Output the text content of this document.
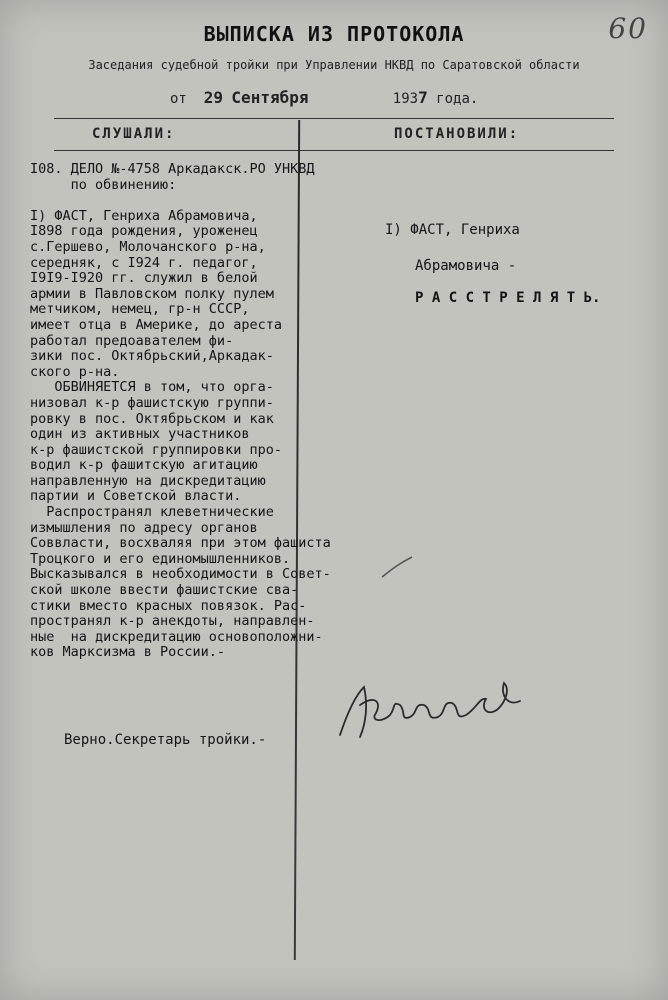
60
ВЫПИСКА ИЗ ПРОТОКОЛА
Заседания судебной тройки при Управлении НКВД по Саратовской области
от 29 Сентября	1937 года.
СЛУШАЛИ:	ПОСТАНОВИЛИ:
I08. ДЕЛО №-4758 Аркадакск.РО УНКВД
по обвинению:

I) ФАСТ, Генриха Абрамовича,
I898 года рождения, уроженец
с.Гершево, Молочанского р-на,
середняк, с I924 г. педагог,
I9I9-I920 гг. служил в белой
армии в Павловском полку пулем
метчиком, немец, гр-н СССР,
имеет отца в Америке, до ареста
работал предоавателем фи-
зики пос. Октябрьский,Аркадак-
ского р-на.
ОБВИНЯЕТСЯ в том, что орга-
низовал к-р фашистскую группи-
ровку в пос. Октябрьском и как
один из активных участников
к-р фашистской группировки про-
водил к-р фашитскую агитацию
направленную на дискредитацию
партии и Советской власти.
Распространял клеветнические
измышления по адресу органов
Соввласти, восхваляя при этом фашиста
Троцкого и его единомышленников.
Высказывался в необходимости в Совет-
ской школе ввести фашистские сва-
стики вместо красных повязок. Рас-
пространял к-р анекдоты, направлен-
ные  на дискредитацию основоположни-
ков Марксизма в России.-
I) ФАСТ, Генриха
Абрамовича -
Р А С С Т Р Е Л Я Т Ь.
Верно.Секретарь тройки.-
